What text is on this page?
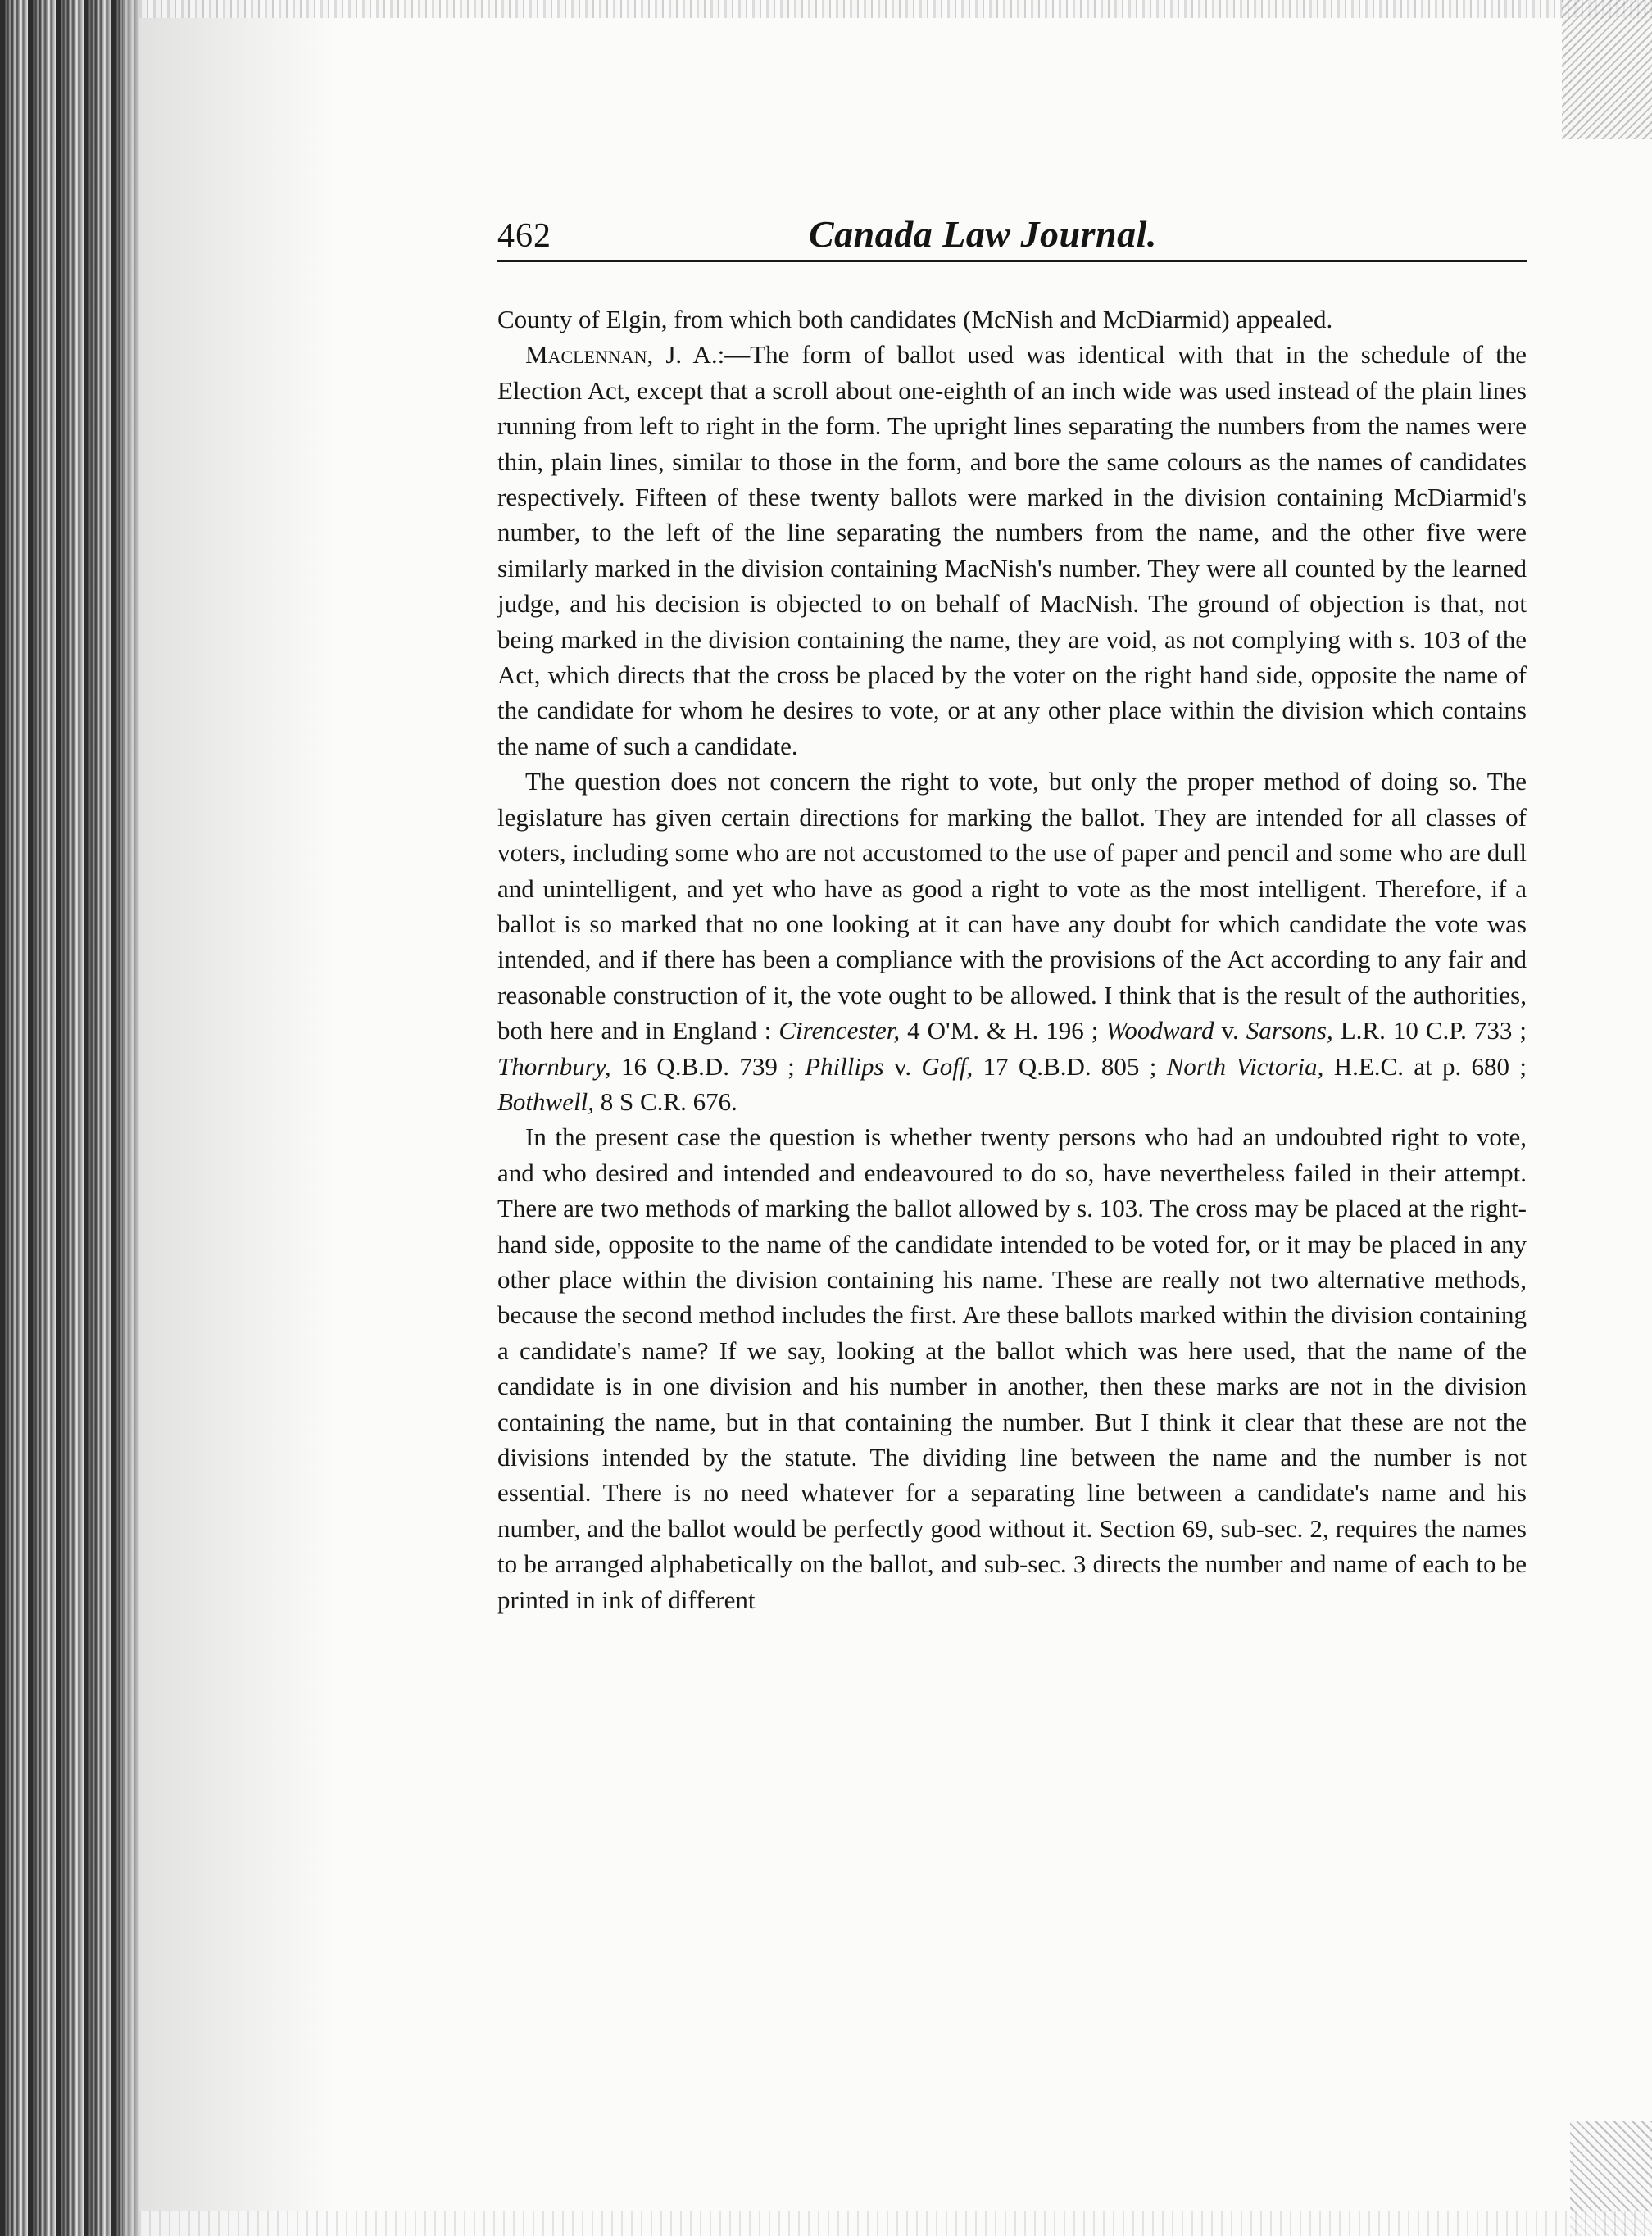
462	Canada Law Journal.

County of Elgin, from which both candidates (McNish and McDiarmid) appealed.

Maclennan, J. A.:—The form of ballot used was identical with that in the schedule of the Election Act, except that a scroll about one-eighth of an inch wide was used instead of the plain lines running from left to right in the form. The upright lines separating the numbers from the names were thin, plain lines, similar to those in the form, and bore the same colours as the names of candidates respectively. Fifteen of these twenty ballots were marked in the division containing McDiarmid's number, to the left of the line separating the numbers from the name, and the other five were similarly marked in the division containing MacNish's number. They were all counted by the learned judge, and his decision is objected to on behalf of MacNish. The ground of objection is that, not being marked in the division containing the name, they are void, as not complying with s. 103 of the Act, which directs that the cross be placed by the voter on the right hand side, opposite the name of the candidate for whom he desires to vote, or at any other place within the division which contains the name of such a candidate.

The question does not concern the right to vote, but only the proper method of doing so. The legislature has given certain directions for marking the ballot. They are intended for all classes of voters, including some who are not accustomed to the use of paper and pencil and some who are dull and unintelligent, and yet who have as good a right to vote as the most intelligent. Therefore, if a ballot is so marked that no one looking at it can have any doubt for which candidate the vote was intended, and if there has been a compliance with the provisions of the Act according to any fair and reasonable construction of it, the vote ought to be allowed. I think that is the result of the authorities, both here and in England : Cirencester, 4 O'M. & H. 196 ; Woodward v. Sarsons, L.R. 10 C.P. 733 ; Thornbury, 16 Q.B.D. 739 ; Phillips v. Goff, 17 Q.B.D. 805 ; North Victoria, H.E.C. at p. 680 ; Bothwell, 8 S C.R. 676.

In the present case the question is whether twenty persons who had an undoubted right to vote, and who desired and intended and endeavoured to do so, have nevertheless failed in their attempt. There are two methods of marking the ballot allowed by s. 103. The cross may be placed at the right-hand side, opposite to the name of the candidate intended to be voted for, or it may be placed in any other place within the division containing his name. These are really not two alternative methods, because the second method includes the first. Are these ballots marked within the division containing a candidate's name? If we say, looking at the ballot which was here used, that the name of the candidate is in one division and his number in another, then these marks are not in the division containing the name, but in that containing the number. But I think it clear that these are not the divisions intended by the statute. The dividing line between the name and the number is not essential. There is no need whatever for a separating line between a candidate's name and his number, and the ballot would be perfectly good without it. Section 69, sub-sec. 2, requires the names to be arranged alphabetically on the ballot, and sub-sec. 3 directs the number and name of each to be printed in ink of different
